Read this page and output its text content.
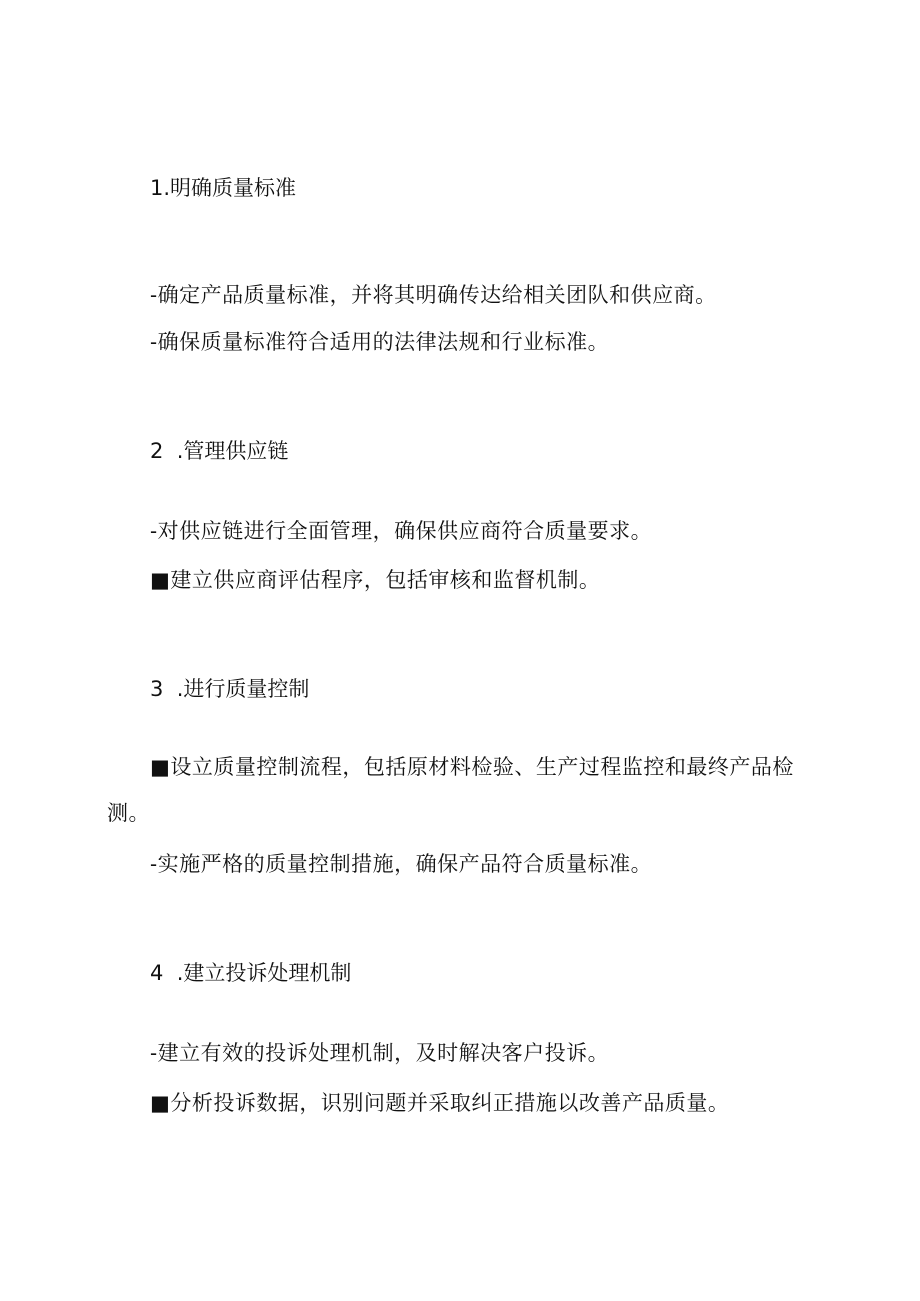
1.明确质量标准
-确定产品质量标准，并将其明确传达给相关团队和供应商。
-确保质量标准符合适用的法律法规和行业标准。
2  .管理供应链
-对供应链进行全面管理，确保供应商符合质量要求。
■建立供应商评估程序，包括审核和监督机制。
3  .进行质量控制
■设立质量控制流程，包括原材料检验、生产过程监控和最终产品检测。
-实施严格的质量控制措施，确保产品符合质量标准。
4  .建立投诉处理机制
-建立有效的投诉处理机制，及时解决客户投诉。
■分析投诉数据，识别问题并采取纠正措施以改善产品质量。
